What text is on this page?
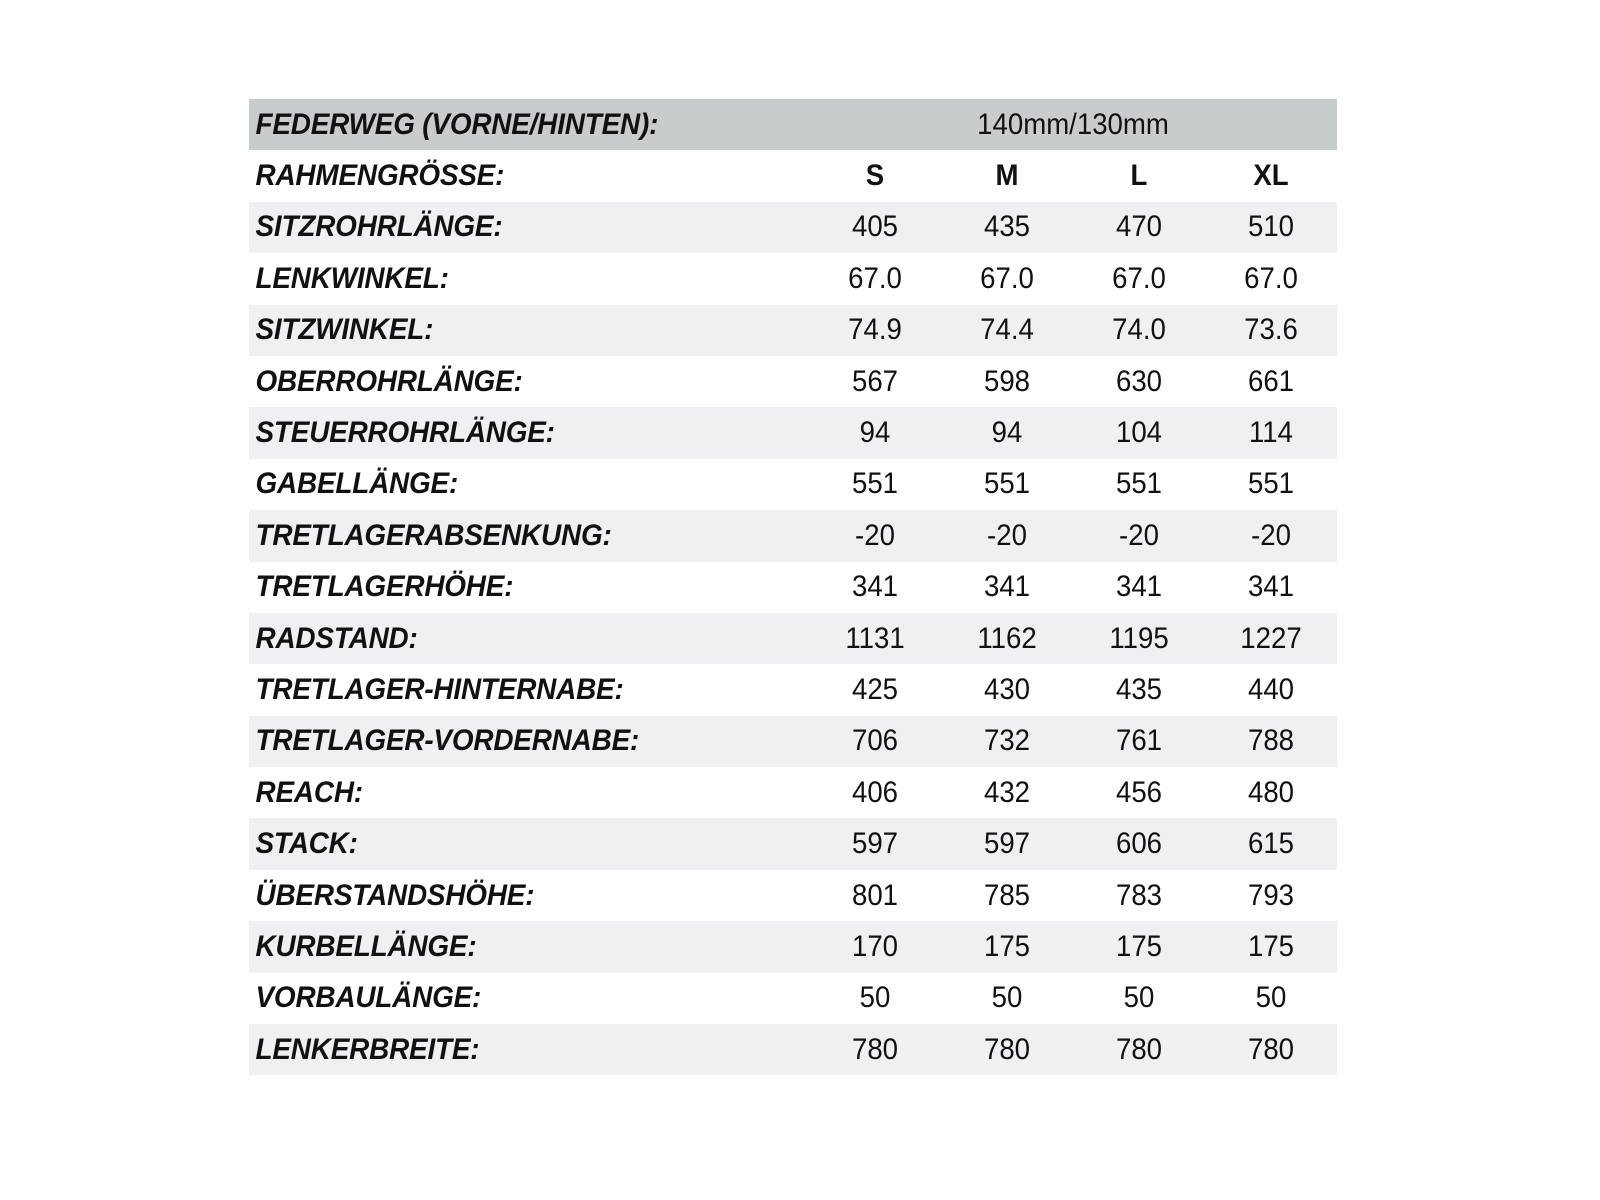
FEDERWEG (VORNE/HINTEN):	140mm/130mm			

RAHMENGRÖSSE:	S	M	L	XL

SITZROHRLÄNGE:	405	435	470	510

LENKWINKEL:	67.0	67.0	67.0	67.0

SITZWINKEL:	74.9	74.4	74.0	73.6

OBERROHRLÄNGE:	567	598	630	661

STEUERROHRLÄNGE:	94	94	104	114

GABELLÄNGE:	551	551	551	551

TRETLAGERABSENKUNG:	-20	-20	-20	-20

TRETLAGERHÖHE:	341	341	341	341

RADSTAND:	1131	1162	1195	1227

TRETLAGER-HINTERNABE:	425	430	435	440

TRETLAGER-VORDERNABE:	706	732	761	788

REACH:	406	432	456	480

STACK:	597	597	606	615

ÜBERSTANDSHÖHE:	801	785	783	793

KURBELLÄNGE:	170	175	175	175

VORBAULÄNGE:	50	50	50	50

LENKERBREITE:	780	780	780	780
